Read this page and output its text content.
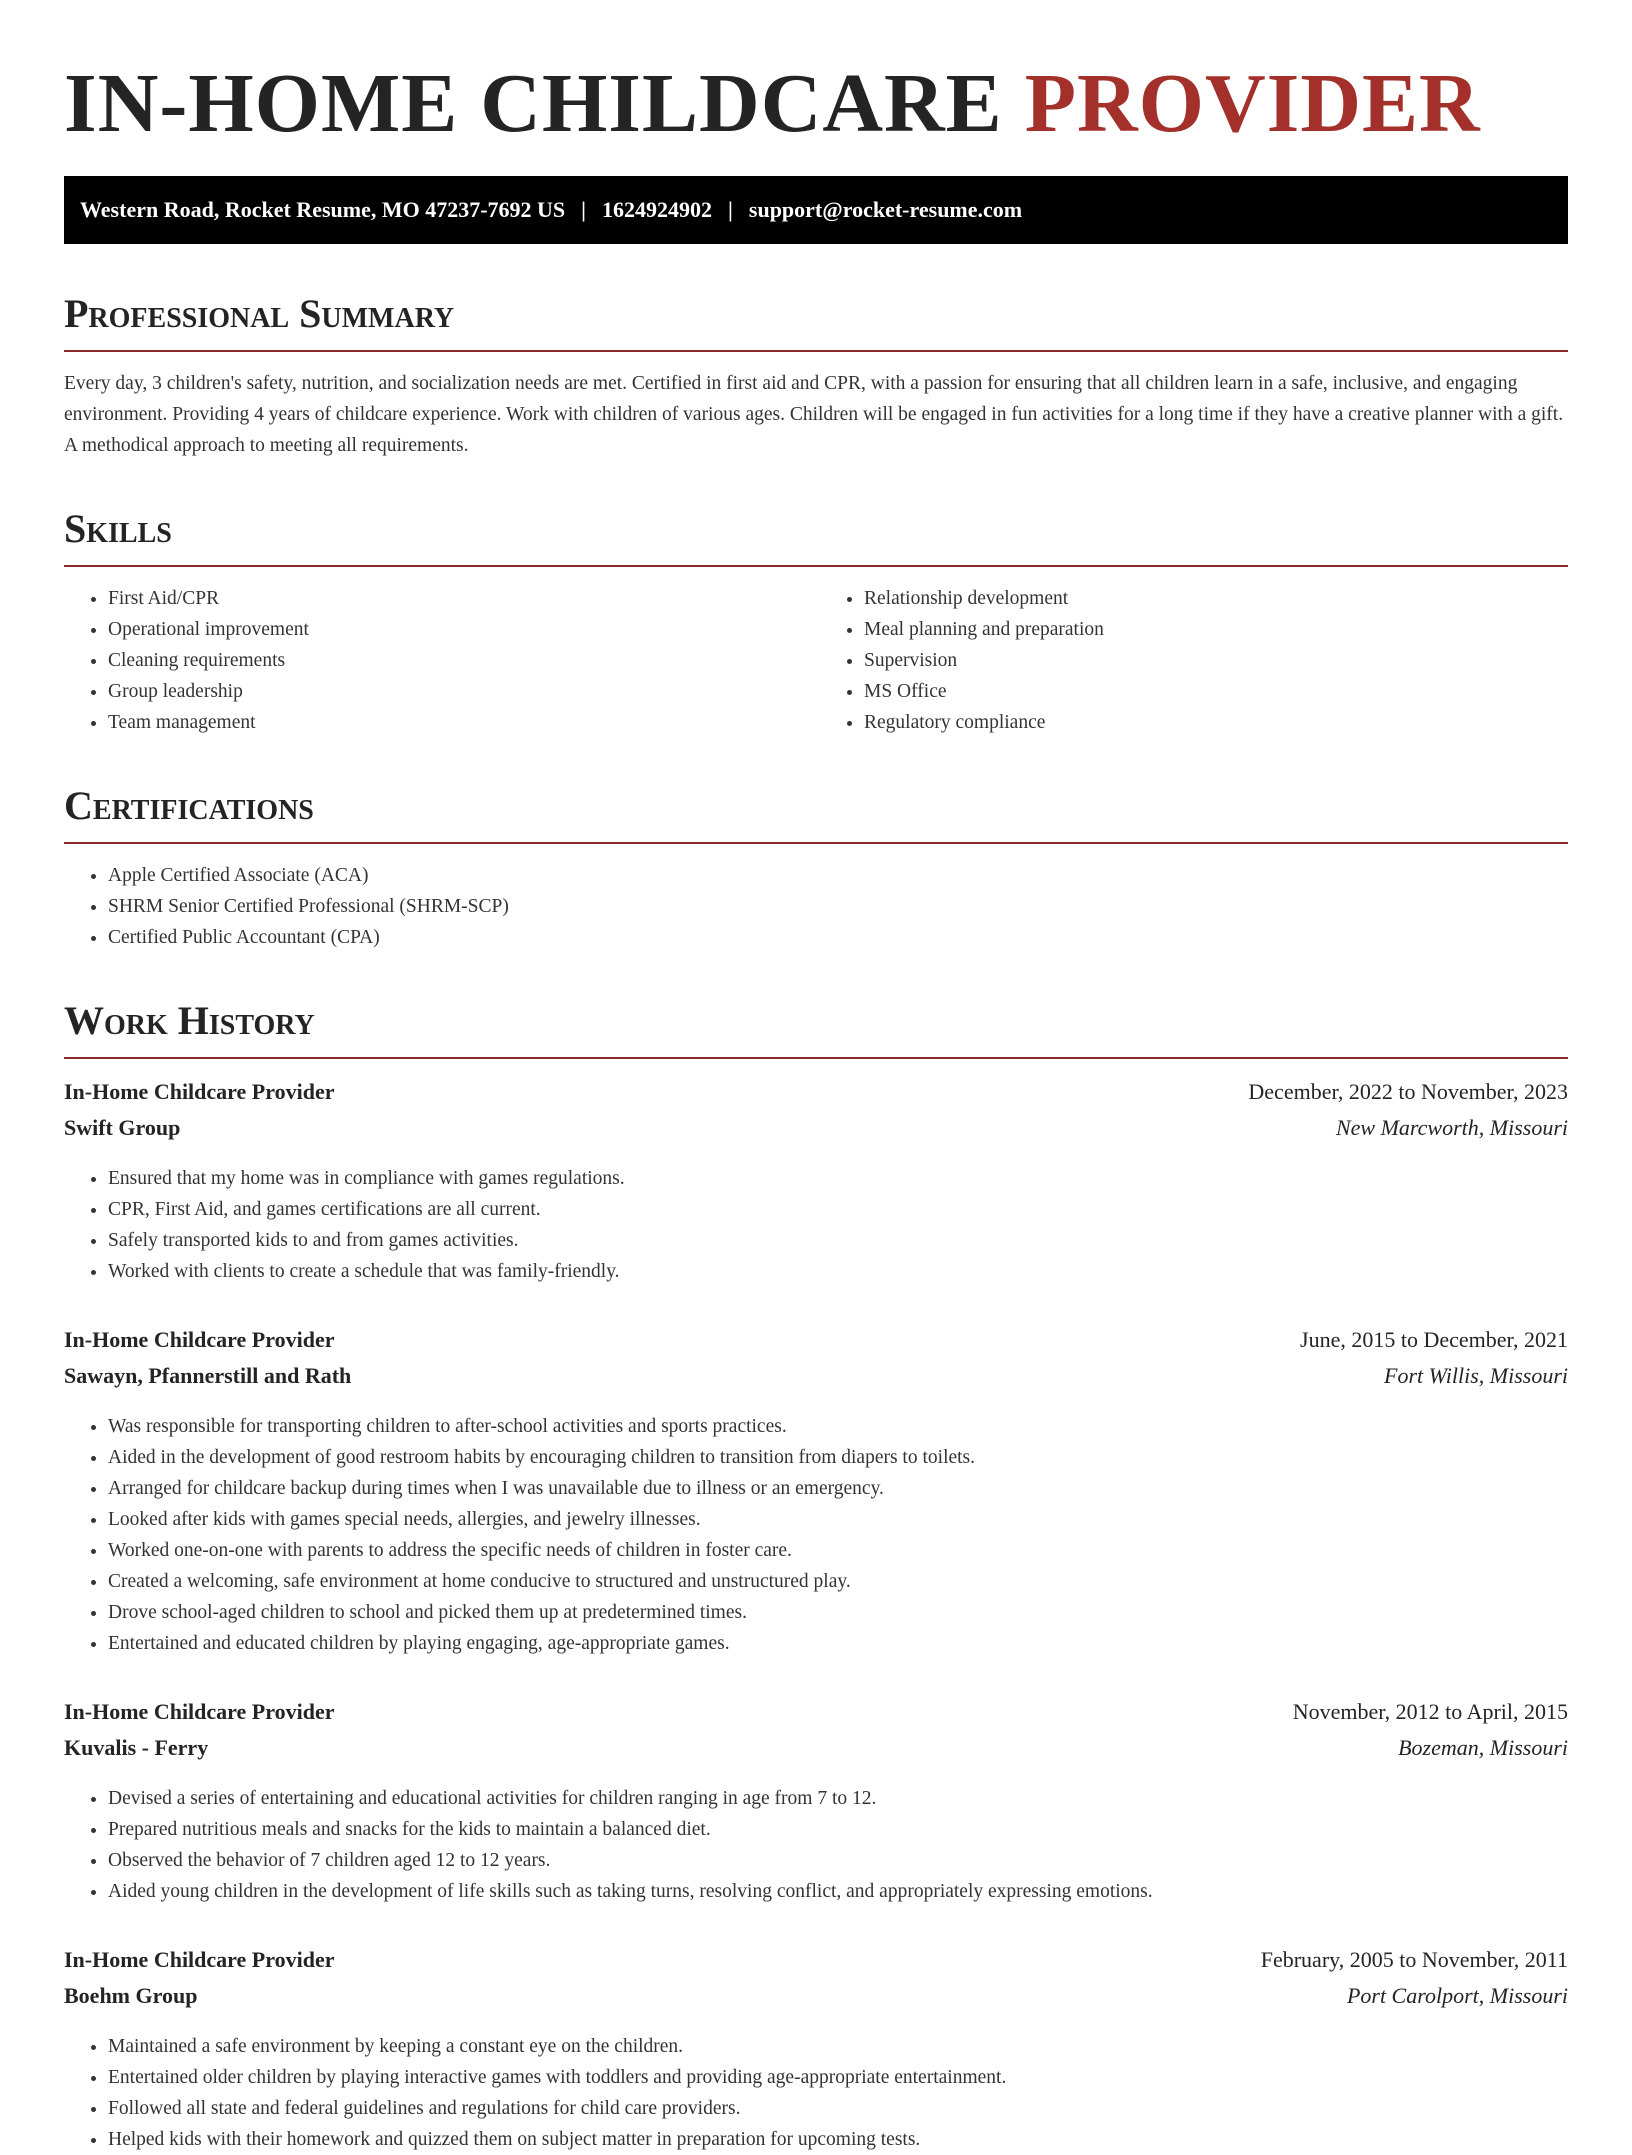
IN-HOME CHILDCARE PROVIDER
Western Road, Rocket Resume, MO 47237-7692 US | 1624924902 | support@rocket-resume.com
Professional Summary

Every day, 3 children's safety, nutrition, and socialization needs are met. Certified in first aid and CPR, with a passion for ensuring that all children learn in a safe, inclusive, and engaging environment. Providing 4 years of childcare experience. Work with children of various ages. Children will be engaged in fun activities for a long time if they have a creative planner with a gift. A methodical approach to meeting all requirements.

Skills
• First Aid/CPR
• Operational improvement
• Cleaning requirements
• Group leadership
• Team management
• Relationship development
• Meal planning and preparation
• Supervision
• MS Office
• Regulatory compliance
Certifications
• Apple Certified Associate (ACA)
• SHRM Senior Certified Professional (SHRM-SCP)
• Certified Public Accountant (CPA)
Work History
In-Home Childcare Provider	December, 2022 to November, 2023
Swift Group	New Marcworth, Missouri
• Ensured that my home was in compliance with games regulations.
• CPR, First Aid, and games certifications are all current.
• Safely transported kids to and from games activities.
• Worked with clients to create a schedule that was family-friendly.
In-Home Childcare Provider	June, 2015 to December, 2021
Sawayn, Pfannerstill and Rath	Fort Willis, Missouri
• Was responsible for transporting children to after-school activities and sports practices.
• Aided in the development of good restroom habits by encouraging children to transition from diapers to toilets.
• Arranged for childcare backup during times when I was unavailable due to illness or an emergency.
• Looked after kids with games special needs, allergies, and jewelry illnesses.
• Worked one-on-one with parents to address the specific needs of children in foster care.
• Created a welcoming, safe environment at home conducive to structured and unstructured play.
• Drove school-aged children to school and picked them up at predetermined times.
• Entertained and educated children by playing engaging, age-appropriate games.
In-Home Childcare Provider	November, 2012 to April, 2015
Kuvalis - Ferry	Bozeman, Missouri
• Devised a series of entertaining and educational activities for children ranging in age from 7 to 12.
• Prepared nutritious meals and snacks for the kids to maintain a balanced diet.
• Observed the behavior of 7 children aged 12 to 12 years.
• Aided young children in the development of life skills such as taking turns, resolving conflict, and appropriately expressing emotions.
In-Home Childcare Provider	February, 2005 to November, 2011
Boehm Group	Port Carolport, Missouri
• Maintained a safe environment by keeping a constant eye on the children.
• Entertained older children by playing interactive games with toddlers and providing age-appropriate entertainment.
• Followed all state and federal guidelines and regulations for child care providers.
• Helped kids with their homework and quizzed them on subject matter in preparation for upcoming tests.
